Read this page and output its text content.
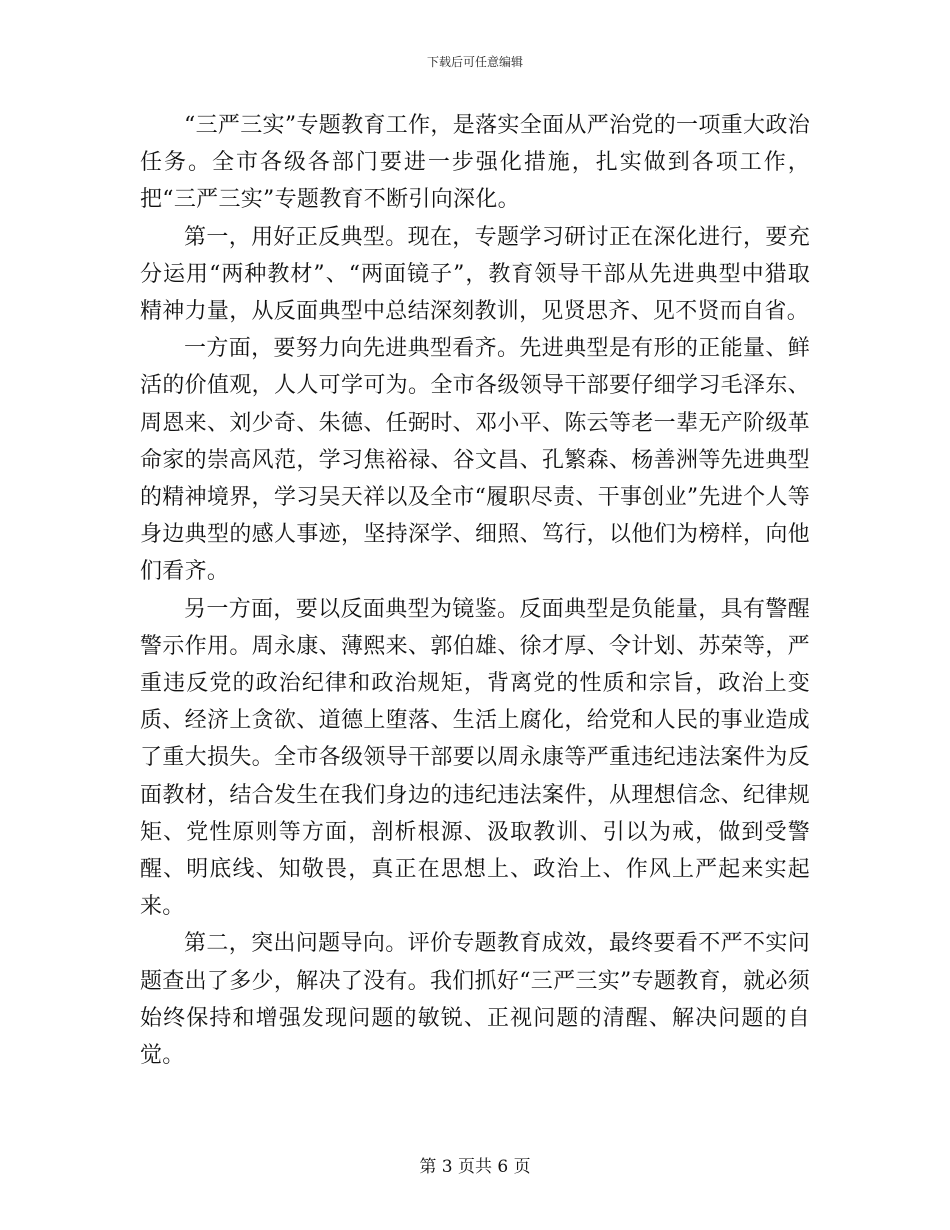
下载后可任意编辑

“三严三实”专题教育工作，是落实全面从严治党的一项重大政治任务。全市各级各部门要进一步强化措施，扎实做到各项工作，把“三严三实”专题教育不断引向深化。

第一，用好正反典型。现在，专题学习研讨正在深化进行，要充分运用“两种教材”、“两面镜子”，教育领导干部从先进典型中猎取精神力量，从反面典型中总结深刻教训，见贤思齐、见不贤而自省。

一方面，要努力向先进典型看齐。先进典型是有形的正能量、鲜活的价值观，人人可学可为。全市各级领导干部要仔细学习毛泽东、周恩来、刘少奇、朱德、任弼时、邓小平、陈云等老一辈无产阶级革命家的崇高风范，学习焦裕禄、谷文昌、孔繁森、杨善洲等先进典型的精神境界，学习吴天祥以及全市“履职尽责、干事创业”先进个人等身边典型的感人事迹，坚持深学、细照、笃行，以他们为榜样，向他们看齐。

另一方面，要以反面典型为镜鉴。反面典型是负能量，具有警醒警示作用。周永康、薄熙来、郭伯雄、徐才厚、令计划、苏荣等，严重违反党的政治纪律和政治规矩，背离党的性质和宗旨，政治上变质、经济上贪欲、道德上堕落、生活上腐化，给党和人民的事业造成了重大损失。全市各级领导干部要以周永康等严重违纪违法案件为反面教材，结合发生在我们身边的违纪违法案件，从理想信念、纪律规矩、党性原则等方面，剖析根源、汲取教训、引以为戒，做到受警醒、明底线、知敬畏，真正在思想上、政治上、作风上严起来实起来。

第二，突出问题导向。评价专题教育成效，最终要看不严不实问题查出了多少，解决了没有。我们抓好“三严三实”专题教育，就必须始终保持和增强发现问题的敏锐、正视问题的清醒、解决问题的自觉。

第 3 页共 6 页
